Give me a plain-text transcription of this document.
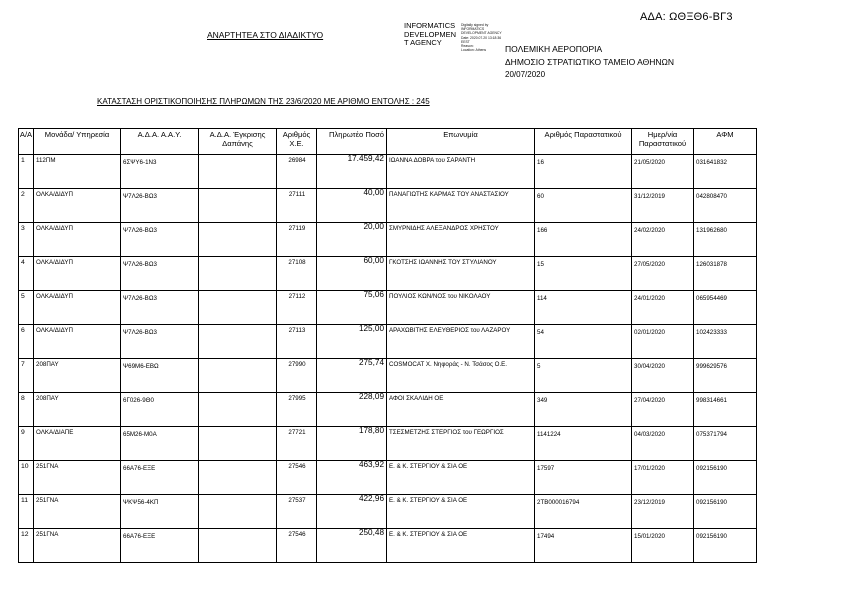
ΑΔΑ: ΩΘΞΘ6-ΒΓ3
ΑΝΑΡΤΗΤΕΑ ΣΤΟ ΔΙΑΔΙΚΤΥΟ
INFORMATICS
DEVELOPMEN
T AGENCY
Digitally signed by
INFORMATICS
DEVELOPMENT AGENCY
Date: 2020.07.20 13:18:36
EEST
Reason:
Location: Athens	ΠΟΛΕΜΙΚΗ ΑΕΡΟΠΟΡΙΑ
ΔΗΜΟΣΙΟ ΣΤΡΑΤΙΩΤΙΚΟ ΤΑΜΕΙΟ ΑΘΗΝΩΝ
20/07/2020
ΚΑΤΑΣΤΑΣΗ ΟΡΙΣΤΙΚΟΠΟΙΗΣΗΣ ΠΛΗΡΩΜΩΝ ΤΗΣ 23/6/2020 ΜΕ ΑΡΙΘΜΟ ΕΝΤΟΛΗΣ : 245
Α/Α	Μονάδα/ Υπηρεσία	Α.Δ.Α. Α.Α.Υ.	Α.Δ.Α. Έγκρισης Δαπάνης	Αριθμός Χ.Ε.	Πληρωτέο Ποσό	Επωνυμία	Αριθμός Παραστατικού	Ημερ/νία Παραστατικού	ΑΦΜ

1	112ΠΜ	6ΣΨΥ6-1Ν3		26984	17.459,42	ΙΩΑΝΝΑ ΔΟΒΡΑ του ΣΑΡΑΝΤΗ	16	21/05/2020	031641832

2	ΟΛΚΑ/ΔΙΔΥΠ	Ψ7Λ26-ΒΩ3		27111	40,00	ΠΑΝΑΓΙΩΤΗΣ ΚΑΡΜΑΣ ΤΟΥ ΑΝΑΣΤΑΣΙΟΥ	60	31/12/2019	042808470

3	ΟΛΚΑ/ΔΙΔΥΠ	Ψ7Λ26-ΒΩ3		27119	20,00	ΣΜΥΡΝΙΔΗΣ ΑΛΕΞΑΝΔΡΟΣ ΧΡΗΣΤΟΥ	166	24/02/2020	131962680

4	ΟΛΚΑ/ΔΙΔΥΠ	Ψ7Λ26-ΒΩ3		27108	60,00	ΓΚΟΤΣΗΣ ΙΩΑΝΝΗΣ ΤΟΥ ΣΤΥΛΙΑΝΟΥ	15	27/05/2020	126031878

5	ΟΛΚΑ/ΔΙΔΥΠ	Ψ7Λ26-ΒΩ3		27112	75,06	ΠΟΥΛΙΟΣ ΚΩΝ/ΝΟΣ του ΝΙΚΟΛΑΟΥ	114	24/01/2020	065954469

6	ΟΛΚΑ/ΔΙΔΥΠ	Ψ7Λ26-ΒΩ3		27113	125,00	ΑΡΑΧΩΒΙΤΗΣ ΕΛΕΥΘΕΡΙΟΣ του ΛΑΖΑΡΟΥ	54	02/01/2020	102423333

7	208ΠΑΥ	Ψ69Μ6-ΕΒΩ		27990	275,74	COSMOCAT Χ. Νηφοράς - Ν. Τσάσος Ο.Ε.	5	30/04/2020	999629576

8	208ΠΑΥ	6Γ026-9Θ0		27995	228,09	ΑΦΟΙ ΣΚΑΛΙΔΗ ΟΕ	349	27/04/2020	998314661

9	ΟΛΚΑ/ΔΙΑΠΕ	65Μ26-Μ0Α		27721	178,80	ΤΣΕΣΜΕΤΖΗΣ ΣΤΕΡΓΙΟΣ του ΓΕΩΡΓΙΟΣ	1141224	04/03/2020	075371794

10	251ΓΝΑ	66Α76-ΕΞΕ		27546	463,92	Ε. & Κ. ΣΤΕΡΓΙΟΥ & ΣΙΑ ΟΕ	17597	17/01/2020	092156190

11	251ΓΝΑ	ΨΚΨ56-4ΚΠ		27537	422,96	Ε. & Κ. ΣΤΕΡΓΙΟΥ & ΣΙΑ ΟΕ	2ΤΒ000016794	23/12/2019	092156190

12	251ΓΝΑ	66Α76-ΕΞΕ		27546	250,48	Ε. & Κ. ΣΤΕΡΓΙΟΥ & ΣΙΑ ΟΕ	17494	15/01/2020	092156190
